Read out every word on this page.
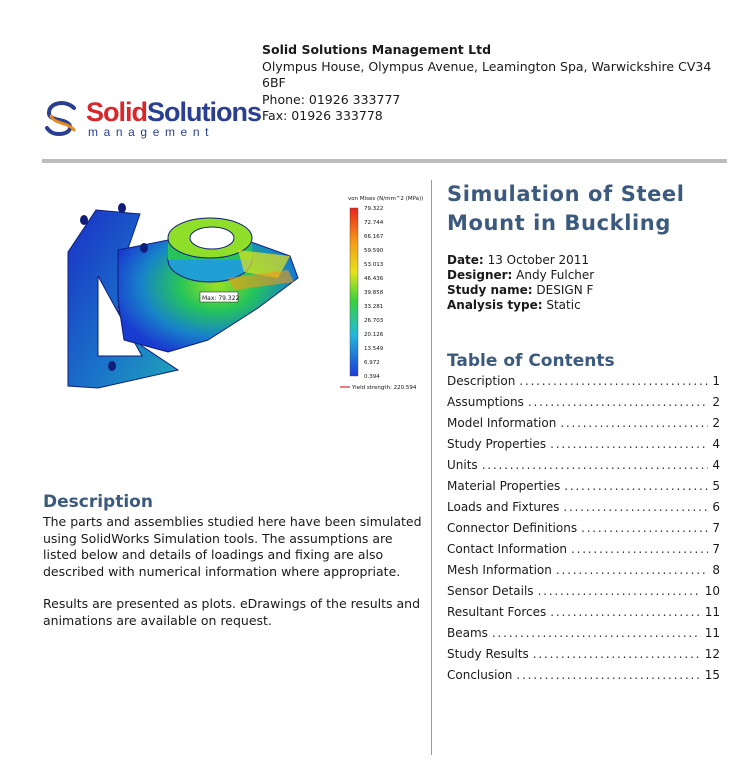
SolidSolutions
management
Solid Solutions Management Ltd
Olympus House, Olympus Avenue, Leamington Spa, Warwickshire CV34 6BF
Phone: 01926 333777
Fax: 01926 333778
Max: 79.322
von Mises (N/mm^2 (MPa))
79.322
72.744
66.167
59.590
53.013
46.436
39.858
33.281
26.703
20.126
13.549
6.972
0.394
Yield strength: 220.594
Simulation of Steel Mount in Buckling
Date: 13 October 2011
Designer: Andy Fulcher
Study name: DESIGN F
Analysis type: Static
Table of Contents
Description .....	1
Assumptions .....	2
Model Information .....	2
Study Properties .....	4
Units .....	4
Material Properties .....	5
Loads and Fixtures .....	6
Connector Definitions .....	7
Contact Information .....	7
Mesh Information .....	8
Sensor Details .....	10
Resultant Forces .....	11
Beams .....	11
Study Results .....	12
Conclusion .....	15
Description

The parts and assemblies studied here have been simulated using SolidWorks Simulation tools. The assumptions are listed below and details of loadings and fixing are also described with numerical information where appropriate.

Results are presented as plots. eDrawings of the results and animations are available on request.
